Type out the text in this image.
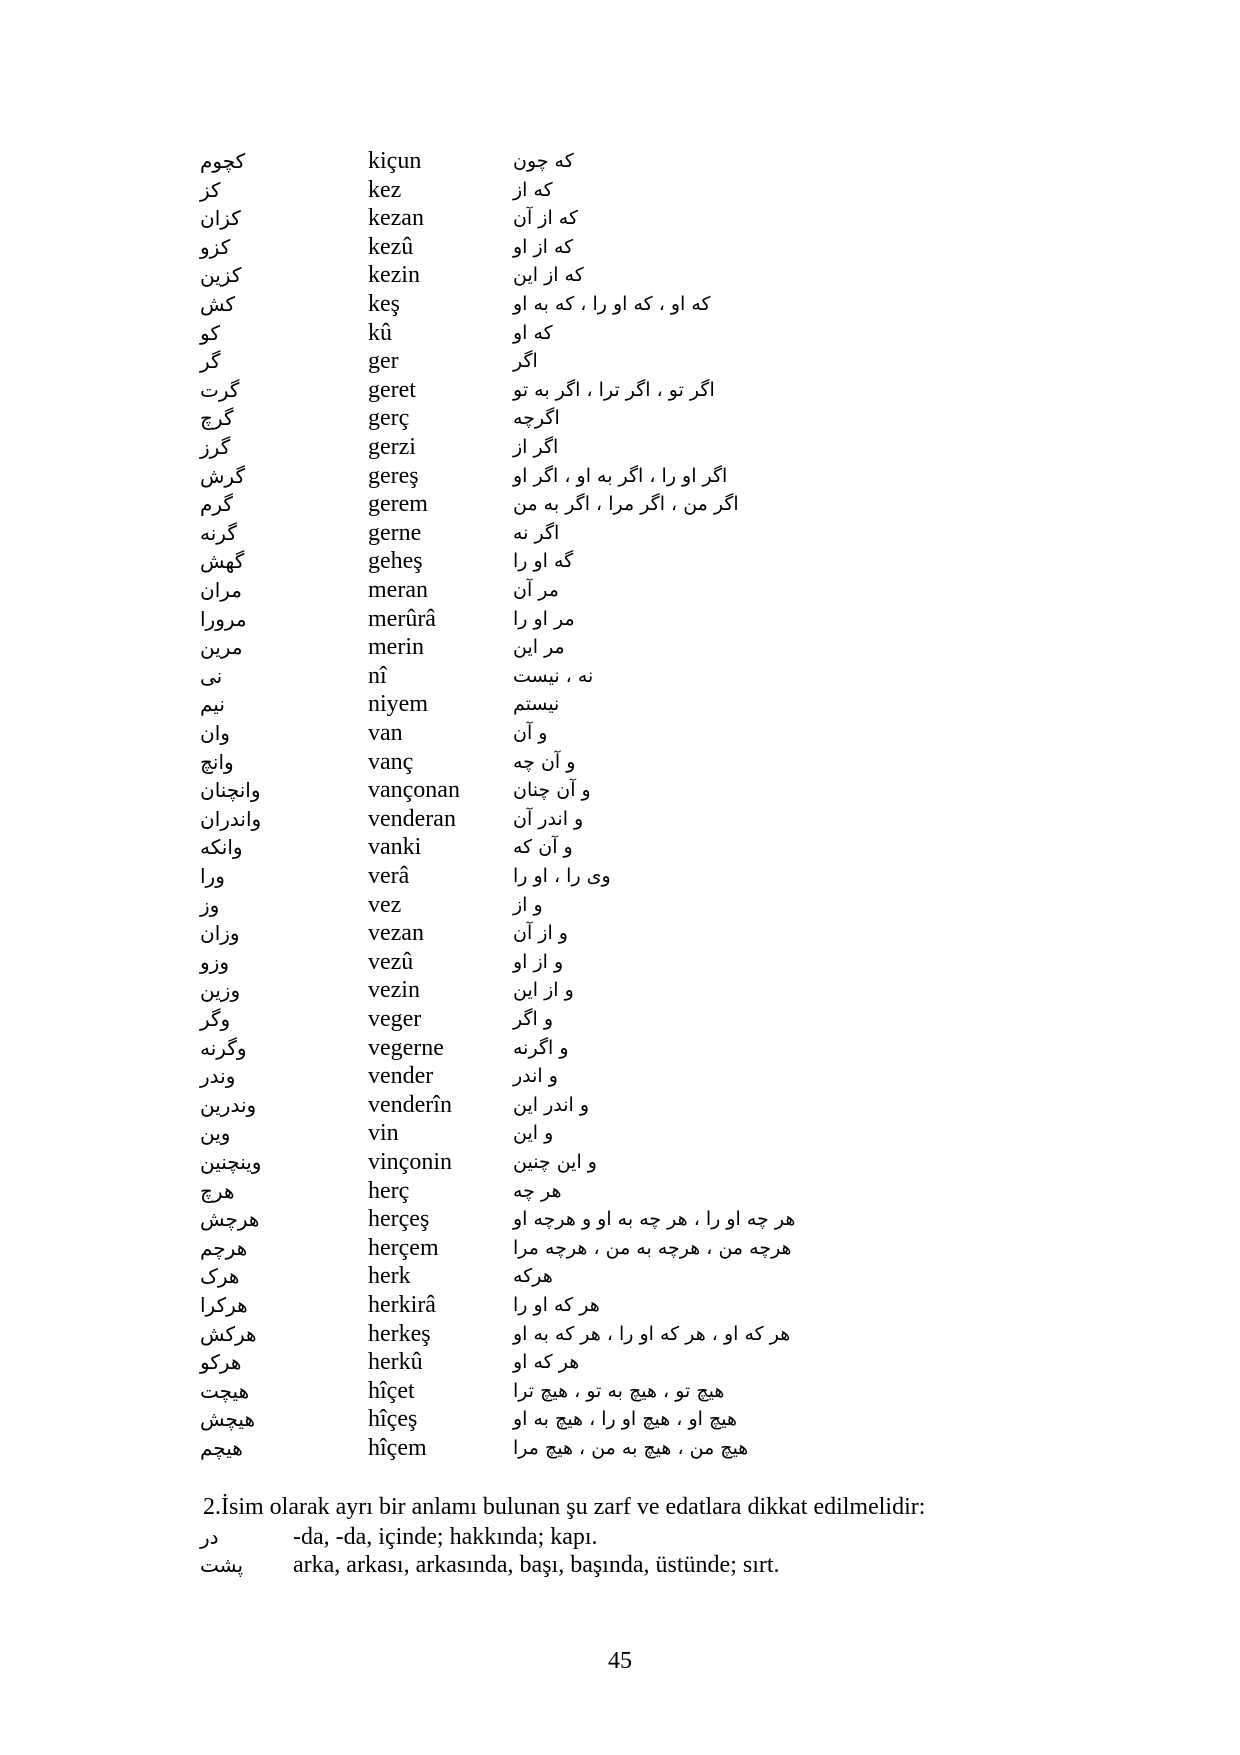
کچوم	kiçun	که چون
کز	kez	که از
کزان	kezan	که از آن
کزو	kezû	که از او
کزین	kezin	که از این
کش	keş	که او ، که او را ، که به او
کو	kû	که او
گر	ger	اگر
گرت	geret	اگر تو ، اگر ترا ، اگر به تو
گرچ	gerç	اگرچه
گرز	gerzi	اگر از
گرش	gereş	اگر او را ، اگر به او ، اگر او
گرم	gerem	اگر من ، اگر مرا ، اگر به من
گرنه	gerne	اگر نه
گهش	geheş	گه او را
مران	meran	مر آن
مرورا	merûrâ	مر او را
مرین	merin	مر این
نی	nî	نه ، نیست
نیم	niyem	نیستم
وان	van	و آن
وانچ	vanç	و آن چه
وانچنان	vançonan	و آن چنان
واندران	venderan	و اندر آن
وانکه	vanki	و آن که
ورا	verâ	وی را ، او را
وز	vez	و از
وزان	vezan	و از آن
وزو	vezû	و از او
وزین	vezin	و از این
وگر	veger	و اگر
وگرنه	vegerne	و اگرنه
وندر	vender	و اندر
وندرین	venderîn	و اندر این
وین	vin	و این
وینچنین	vinçonin	و این چنین
هرچ	herç	هر چه
هرچش	herçeş	هر چه او را ، هر چه به او و هرچه او
هرچم	herçem	هرچه من ، هرچه به من ، هرچه مرا
هرک	herk	هرکه
هرکرا	herkirâ	هر که او را
هرکش	herkeş	هر که او ، هر که او را ، هر که به او
هرکو	herkû	هر که او
هیچت	hîçet	هیچ تو ، هیچ به تو ، هیچ ترا
هیچش	hîçeş	هیچ او ، هیچ او را ، هیچ به او
هیچم	hîçem	هیچ من ، هیچ به من ، هیچ مرا
2.İsim olarak ayrı bir anlamı bulunan şu zarf ve edatlara dikkat edilmelidir:
در	-da, -da, içinde; hakkında; kapı.
پشت	arka, arkası, arkasında, başı, başında, üstünde; sırt.
45
